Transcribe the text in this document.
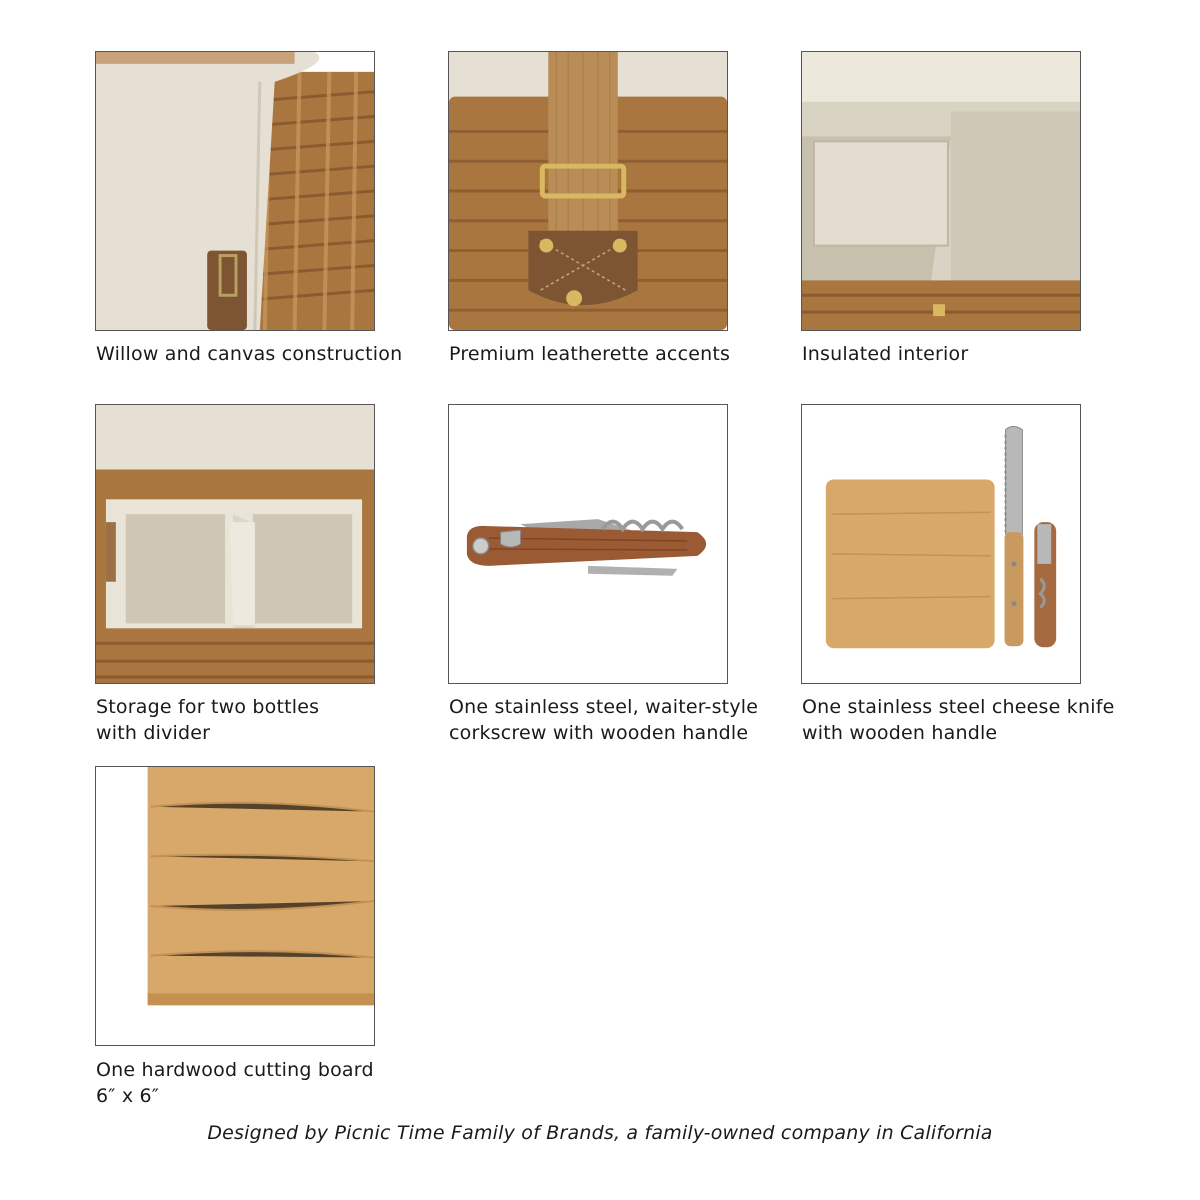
Willow and canvas construction Premium leatherette accents	Insulated interior
Storage for two bottles
with divider
One stainless steel, waiter-style
corkscrew with wooden handle
One stainless steel cheese knife
with wooden handle
One hardwood cutting board
6″ x 6″
Designed by Picnic Time Family of Brands, a family-owned company in California
